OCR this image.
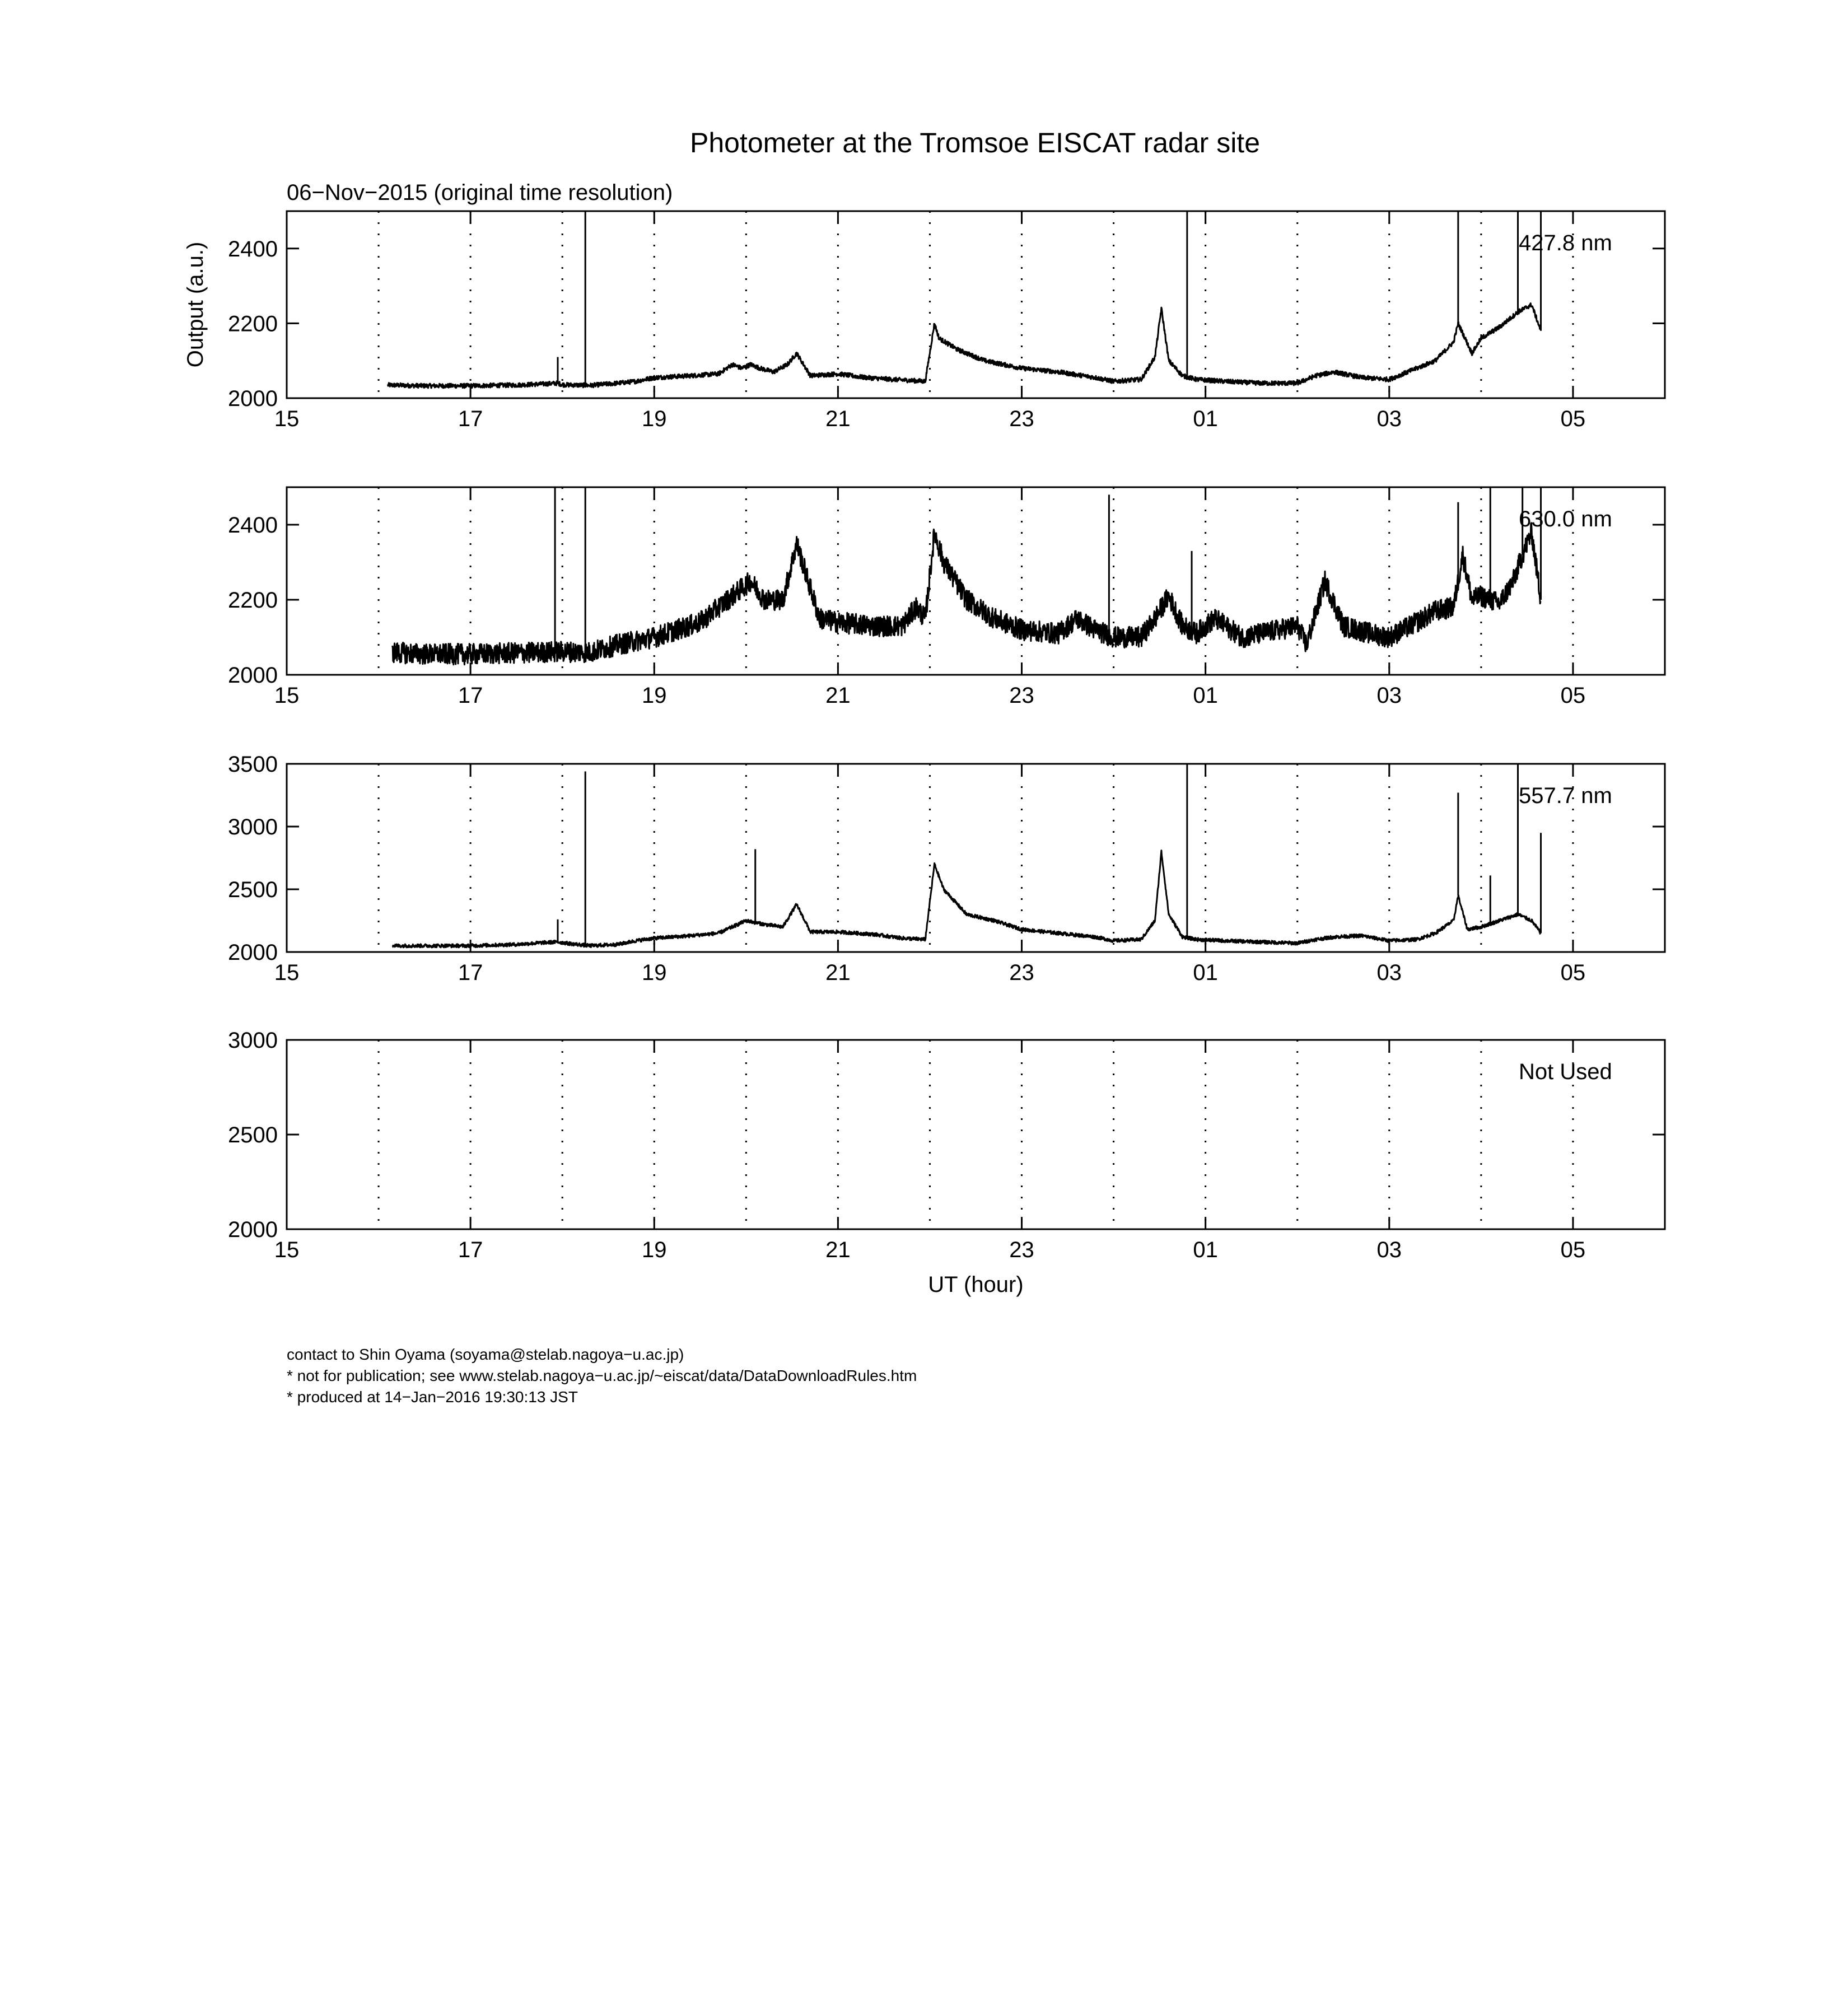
Photometer at the Tromsoe EISCAT radar site
06−Nov−2015 (original time resolution)
15	17	19	21	23	01	03	05
2000
2200
2400	427.8 nm
Output (a.u.)
15	17	19	21	23	01	03	05
2000
2200
2400	630.0 nm
15	17	19	21	23	01	03	05
2000
2500
3000
3500
557.7 nm
15	17	19	21	23	01	03	05
2000
2500
3000
Not Used
UT (hour)
contact to Shin Oyama (soyama@stelab.nagoya−u.ac.jp)
* not for publication; see www.stelab.nagoya−u.ac.jp/~eiscat/data/DataDownloadRules.htm
* produced at 14−Jan−2016 19:30:13 JST
